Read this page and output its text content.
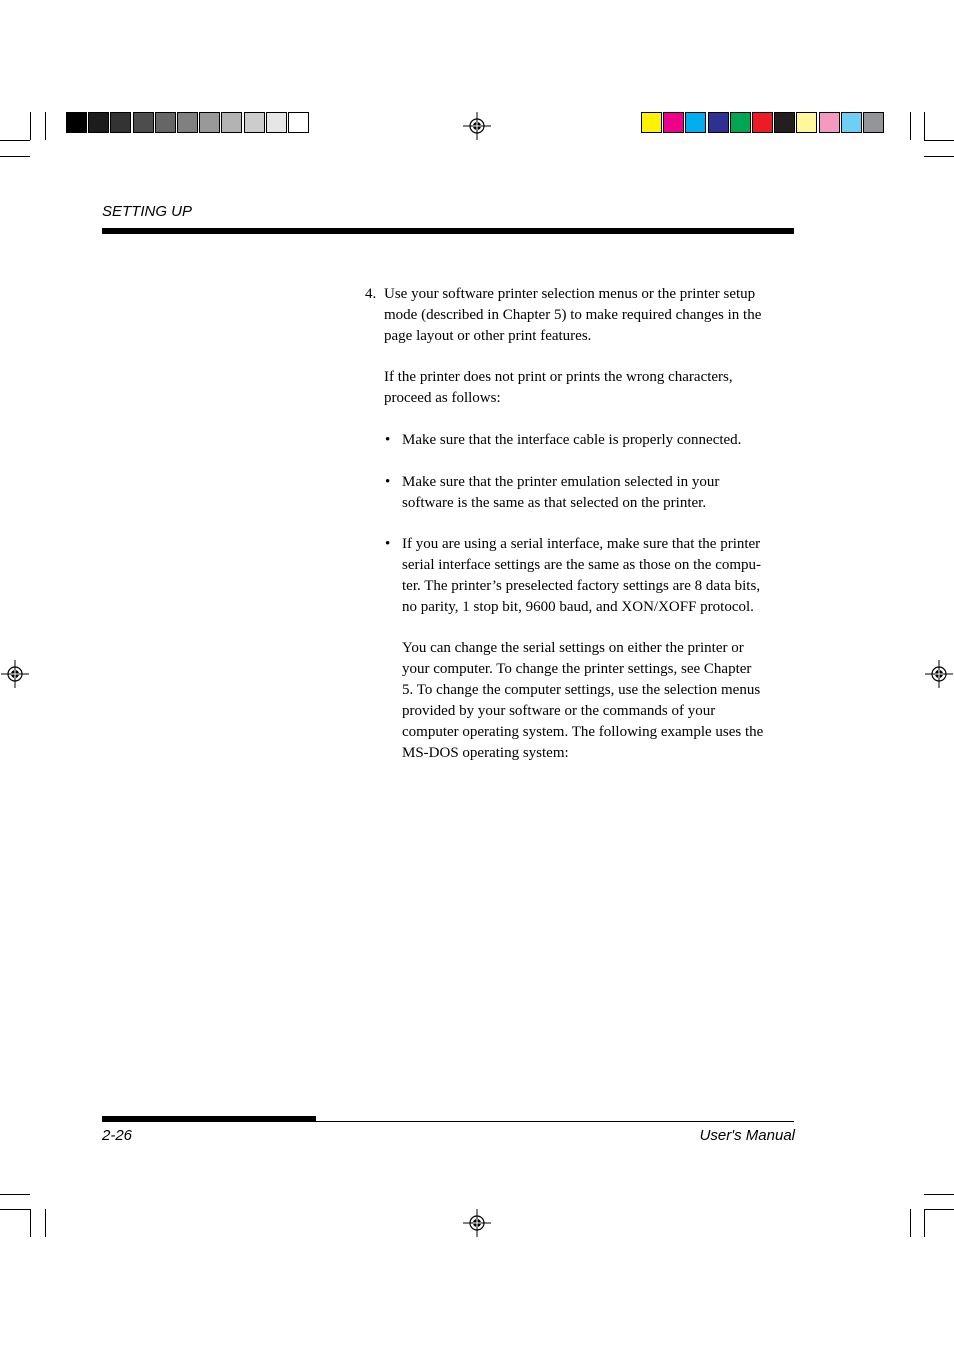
SETTING UP
4. Use your software printer selection menus or the printer setup
mode (described in Chapter 5) to make required changes in the
page layout or other print features.
If the printer does not print or prints the wrong characters,
proceed as follows:
• Make sure that the interface cable is properly connected.
• Make sure that the printer emulation selected in your
software is the same as that selected on the printer.
• If you are using a serial interface, make sure that the printer
serial interface settings are the same as those on the compu-
ter. The printer’s preselected factory settings are 8 data bits,
no parity, 1 stop bit, 9600 baud, and XON/XOFF protocol.
You can change the serial settings on either the printer or
your computer. To change the printer settings, see Chapter
5. To change the computer settings, use the selection menus
provided by your software or the commands of your
computer operating system. The following example uses the
MS-DOS operating system:
2-26	User's Manual
